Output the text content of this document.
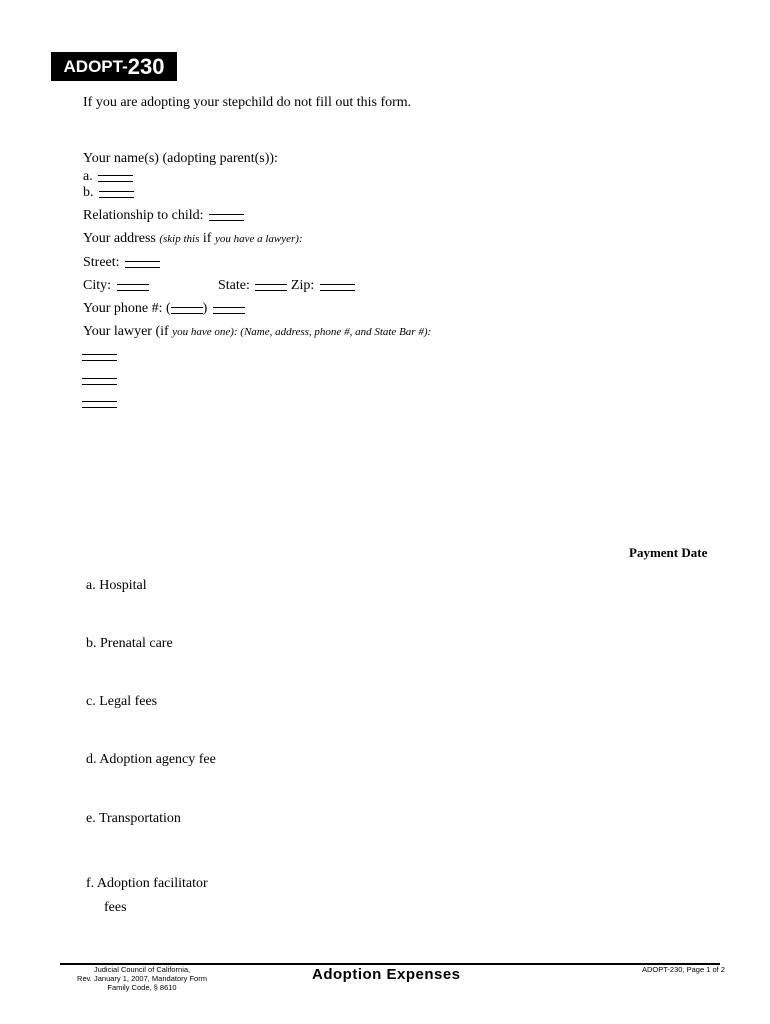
ADOPT- 230
If you are adopting your stepchild do not fill out this form.
Your name(s) (adopting parent(s)):
a.
b.
Relationship to child:
Your address (skip this if you have a lawyer):
Street:
City:	State:	Zip:
Your phone #: ( )
Your lawyer (if you have one): (Name, address, phone #, and State Bar #):
Payment Date
a. Hospital
b. Prenatal care
c. Legal fees
d. Adoption agency fee
e. Transportation
f. Adoption facilitator
fees
Judicial Council of California,
Rev. January 1, 2007, Mandatory Form
Family Code, § 8610
Adoption Expenses	ADOPT-230, Page 1 of 2
